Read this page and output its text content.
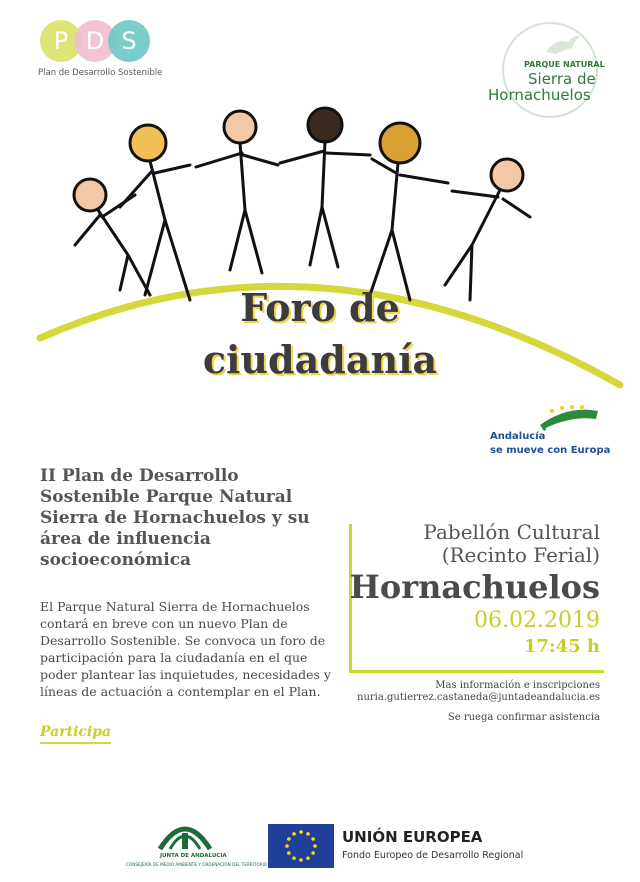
P D S
Plan de Desarrollo Sostenible
PARQUE NATURAL
Sierra de
Hornachuelos
Foro de
ciudadanía
Andalucía
se mueve con Europa
II Plan de Desarrollo Sostenible Parque Natural Sierra de Hornachuelos y su área de influencia socioeconómica
El Parque Natural Sierra de Hornachuelos contará en breve con un nuevo Plan de Desarrollo Sostenible. Se convoca un foro de participación para la ciudadanía en el que poder plantear las inquietudes, necesidades y líneas de actuación a contemplar en el Plan.
Participa
Pabellón Cultural
(Recinto Ferial)
Hornachuelos
06.02.2019
17:45 h
Mas información e inscripciones
nuria.gutierrez.castaneda@juntadeandalucia.es
Se ruega confirmar asistencia
JUNTA DE ANDALUCIA
CONSEJERÍA DE MEDIO AMBIENTE Y ORDENACIÓN DEL TERRITORIO
UNIÓN EUROPEA
Fondo Europeo de Desarrollo Regional
